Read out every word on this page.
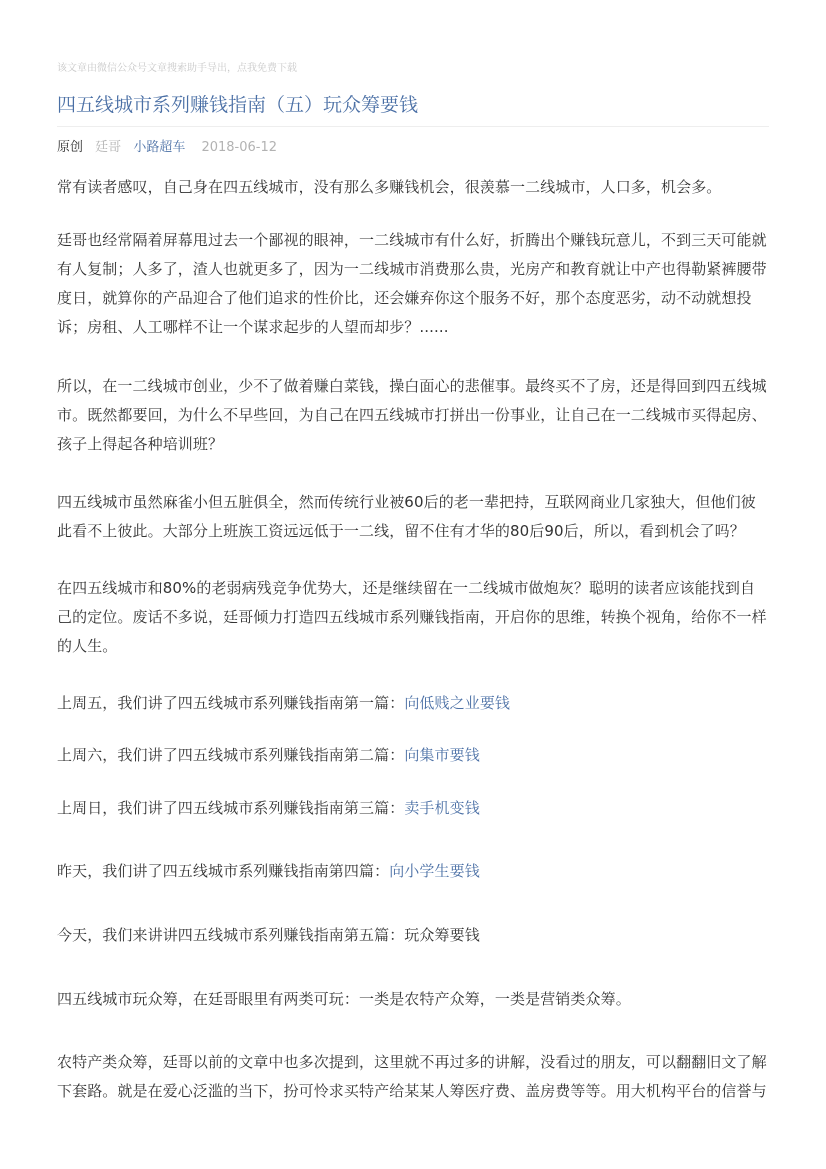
该文章由微信公众号文章搜索助手导出，点我免费下载
四五线城市系列赚钱指南（五）玩众筹要钱
原创 廷哥 小路超车 2018-06-12

常有读者感叹，自己身在四五线城市，没有那么多赚钱机会，很羡慕一二线城市，人口多，机会多。

廷哥也经常隔着屏幕甩过去一个鄙视的眼神，一二线城市有什么好，折腾出个赚钱玩意儿，不到三天可能就有人复制；人多了，渣人也就更多了，因为一二线城市消费那么贵，光房产和教育就让中产也得勒紧裤腰带度日，就算你的产品迎合了他们追求的性价比，还会嫌弃你这个服务不好，那个态度恶劣，动不动就想投诉；房租、人工哪样不让一个谋求起步的人望而却步？......

所以，在一二线城市创业，少不了做着赚白菜钱，操白面心的悲催事。最终买不了房，还是得回到四五线城市。既然都要回，为什么不早些回，为自己在四五线城市打拼出一份事业，让自己在一二线城市买得起房、孩子上得起各种培训班？

四五线城市虽然麻雀小但五脏俱全，然而传统行业被60后的老一辈把持，互联网商业几家独大，但他们彼此看不上彼此。大部分上班族工资远远低于一二线，留不住有才华的80后90后，所以，看到机会了吗？

在四五线城市和80%的老弱病残竞争优势大，还是继续留在一二线城市做炮灰？聪明的读者应该能找到自己的定位。废话不多说，廷哥倾力打造四五线城市系列赚钱指南，开启你的思维，转换个视角，给你不一样的人生。

上周五，我们讲了四五线城市系列赚钱指南第一篇：向低贱之业要钱

上周六，我们讲了四五线城市系列赚钱指南第二篇：向集市要钱

上周日，我们讲了四五线城市系列赚钱指南第三篇：卖手机变钱

昨天，我们讲了四五线城市系列赚钱指南第四篇：向小学生要钱

今天，我们来讲讲四五线城市系列赚钱指南第五篇：玩众筹要钱

四五线城市玩众筹，在廷哥眼里有两类可玩：一类是农特产众筹，一类是营销类众筹。

农特产类众筹，廷哥以前的文章中也多次提到，这里就不再过多的讲解，没看过的朋友，可以翻翻旧文了解下套路。就是在爱心泛滥的当下，扮可怜求买特产给某某人筹医疗费、盖房费等等。用大机构平台的信誉与
